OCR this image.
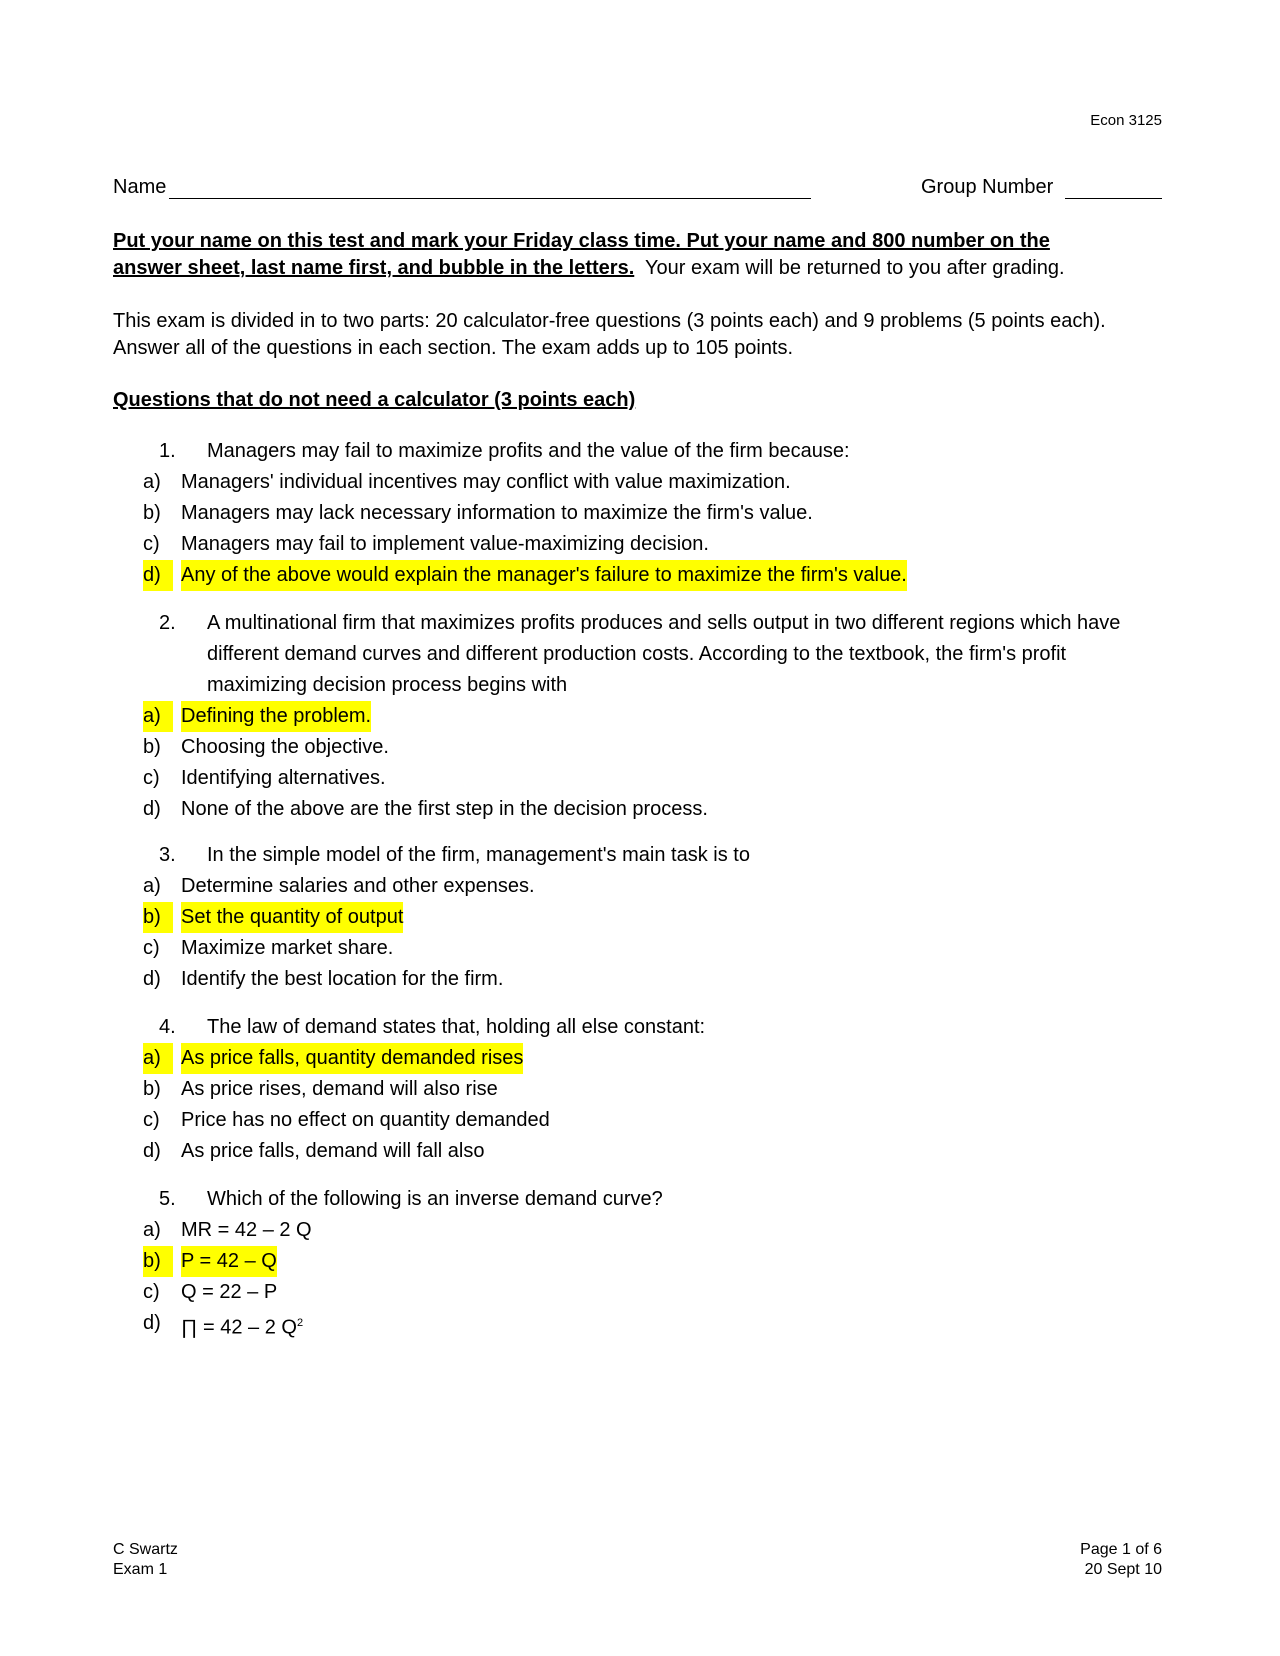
Econ 3125
Name	Group Number
Put your name on this test and mark your Friday class time. Put your name and 800 number on the
answer sheet, last name first, and bubble in the letters.  Your exam will be returned to you after grading.
This exam is divided in to two parts: 20 calculator-free questions (3 points each) and 9 problems (5 points each).
Answer all of the questions in each section. The exam adds up to 105 points.
Questions that do not need a calculator (3 points each)
1. Managers may fail to maximize profits and the value of the firm because:
a) Managers' individual incentives may conflict with value maximization.
b) Managers may lack necessary information to maximize the firm's value.
c) Managers may fail to implement value-maximizing decision.
d)	Any of the above would explain the manager's failure to maximize the firm's value.
2. A multinational firm that maximizes profits produces and sells output in two different regions which have
different demand curves and different production costs. According to the textbook, the firm's profit
maximizing decision process begins with
a)	Defining the problem.
b) Choosing the objective.
c) Identifying alternatives.
d) None of the above are the first step in the decision process.
3. In the simple model of the firm, management's main task is to
a) Determine salaries and other expenses.
b)	Set the quantity of output
c) Maximize market share.
d) Identify the best location for the firm.
4. The law of demand states that, holding all else constant:
a)	As price falls, quantity demanded rises
b) As price rises, demand will also rise
c) Price has no effect on quantity demanded
d) As price falls, demand will fall also
5. Which of the following is an inverse demand curve?
a) MR = 42 – 2 Q
b)	P = 42 – Q
c) Q = 22 – P
d) ∏ = 42 – 2 $Q^2$
C Swartz
Exam 1
Page 1 of 6
20 Sept 10
